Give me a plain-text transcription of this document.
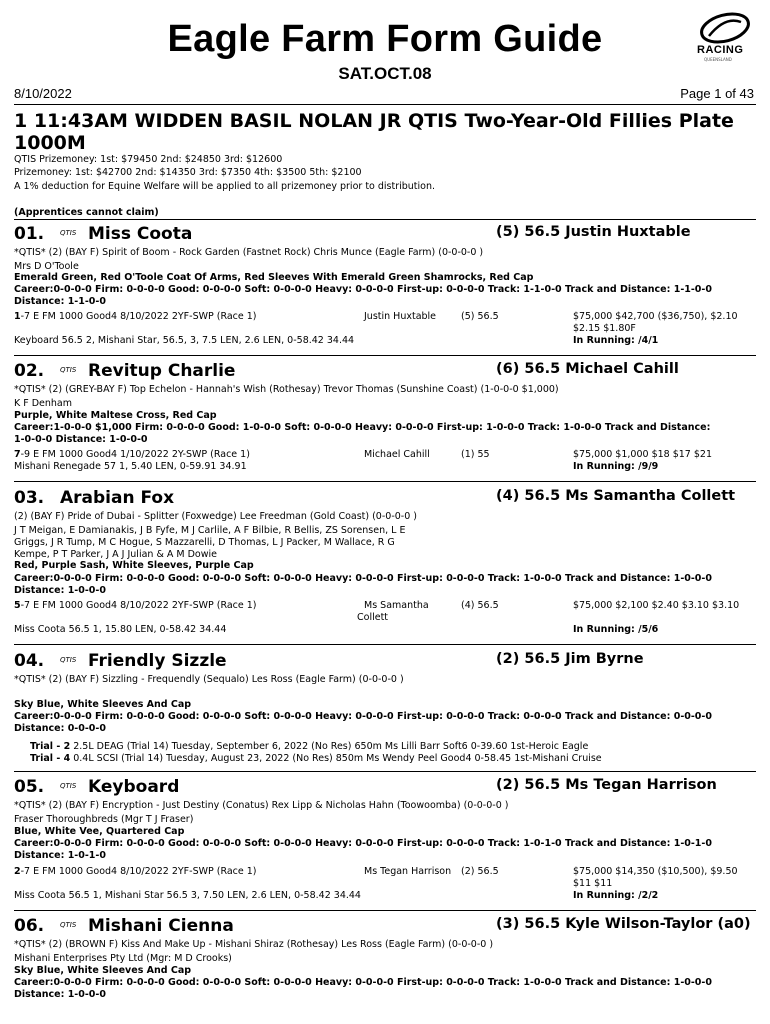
Eagle Farm Form Guide
SAT.OCT.08
RACING
QUEENSLAND
8/10/2022	Page 1 of 43
1 11:43AM WIDDEN BASIL NOLAN JR QTIS Two-Year-Old Fillies Plate 1000M
QTIS Prizemoney: 1st: $79450 2nd: $24850 3rd: $12600
Prizemoney: 1st: $42700 2nd: $14350 3rd: $7350 4th: $3500 5th: $2100
A 1% deduction for Equine Welfare will be applied to all prizemoney prior to distribution.
(Apprentices cannot claim)
01. QTIS Miss Coota	(5) 56.5 Justin Huxtable
*QTIS* (2) (BAY F) Spirit of Boom - Rock Garden (Fastnet Rock) Chris Munce (Eagle Farm) (0-0-0-0 )
Mrs D O'Toole
Emerald Green, Red O'Toole Coat Of Arms, Red Sleeves With Emerald Green Shamrocks, Red Cap
Career:0-0-0-0 Firm: 0-0-0-0 Good: 0-0-0-0 Soft: 0-0-0-0 Heavy: 0-0-0-0 First-up: 0-0-0-0 Track: 1-1-0-0 Track and Distance: 1-1-0-0
Distance: 1-1-0-0
1-7 E FM 1000 Good4 8/10/2022 2YF-SWP (Race 1)	Justin Huxtable	(5) 56.5	$75,000 $42,700 ($36,750), $2.10
$2.15 $1.80F
Keyboard 56.5 2, Mishani Star, 56.5, 3, 7.5 LEN, 2.6 LEN, 0-58.42 34.44	In Running: /4/1
02. QTIS Revitup Charlie	(6) 56.5 Michael Cahill
*QTIS* (2) (GREY-BAY F) Top Echelon - Hannah's Wish (Rothesay) Trevor Thomas (Sunshine Coast) (1-0-0-0 $1,000)
K F Denham
Purple, White Maltese Cross, Red Cap
Career:1-0-0-0 $1,000 Firm: 0-0-0-0 Good: 1-0-0-0 Soft: 0-0-0-0 Heavy: 0-0-0-0 First-up: 1-0-0-0 Track: 1-0-0-0 Track and Distance:
1-0-0-0 Distance: 1-0-0-0
7-9 E FM 1000 Good4 1/10/2022 2Y-SWP (Race 1)	Michael Cahill	(1) 55	$75,000 $1,000 $18 $17 $21
Mishani Renegade 57 1, 5.40 LEN, 0-59.91 34.91	In Running: /9/9
03. Arabian Fox	(4) 56.5 Ms Samantha Collett
(2) (BAY F) Pride of Dubai - Splitter (Foxwedge) Lee Freedman (Gold Coast) (0-0-0-0 )
J T Meigan, E Damianakis, J B Fyfe, M J Carlile, A F Bilbie, R Bellis, ZS Sorensen, L E
Griggs, J R Tump, M C Hogue, S Mazzarelli, D Thomas, L J Packer, M Wallace, R G
Kempe, P T Parker, J A J Julian & A M Dowie
Red, Purple Sash, White Sleeves, Purple Cap
Career:0-0-0-0 Firm: 0-0-0-0 Good: 0-0-0-0 Soft: 0-0-0-0 Heavy: 0-0-0-0 First-up: 0-0-0-0 Track: 1-0-0-0 Track and Distance: 1-0-0-0
Distance: 1-0-0-0
5-7 E FM 1000 Good4 8/10/2022 2YF-SWP (Race 1)	Ms Samantha
Collett
(4) 56.5	$75,000 $2,100 $2.40 $3.10 $3.10
Miss Coota 56.5 1, 15.80 LEN, 0-58.42 34.44	In Running: /5/6
04. QTIS Friendly Sizzle	(2) 56.5 Jim Byrne
*QTIS* (2) (BAY F) Sizzling - Frequendly (Sequalo) Les Ross (Eagle Farm) (0-0-0-0 )
Sky Blue, White Sleeves And Cap
Career:0-0-0-0 Firm: 0-0-0-0 Good: 0-0-0-0 Soft: 0-0-0-0 Heavy: 0-0-0-0 First-up: 0-0-0-0 Track: 0-0-0-0 Track and Distance: 0-0-0-0
Distance: 0-0-0-0
Trial - 2 2.5L DEAG (Trial 14) Tuesday, September 6, 2022 (No Res) 650m Ms Lilli Barr Soft6 0-39.60 1st-Heroic Eagle
Trial - 4 0.4L SCSI (Trial 14) Tuesday, August 23, 2022 (No Res) 850m Ms Wendy Peel Good4 0-58.45 1st-Mishani Cruise
05. QTIS Keyboard	(2) 56.5 Ms Tegan Harrison
*QTIS* (2) (BAY F) Encryption - Just Destiny (Conatus) Rex Lipp & Nicholas Hahn (Toowoomba) (0-0-0-0 )
Fraser Thoroughbreds (Mgr T J Fraser)
Blue, White Vee, Quartered Cap
Career:0-0-0-0 Firm: 0-0-0-0 Good: 0-0-0-0 Soft: 0-0-0-0 Heavy: 0-0-0-0 First-up: 0-0-0-0 Track: 1-0-1-0 Track and Distance: 1-0-1-0
Distance: 1-0-1-0
2-7 E FM 1000 Good4 8/10/2022 2YF-SWP (Race 1)	Ms Tegan Harrison (2) 56.5	$75,000 $14,350 ($10,500), $9.50
$11 $11
Miss Coota 56.5 1, Mishani Star 56.5 3, 7.50 LEN, 2.6 LEN, 0-58.42 34.44	In Running: /2/2
06. QTIS Mishani Cienna	(3) 56.5 Kyle Wilson-Taylor (a0)
*QTIS* (2) (BROWN F) Kiss And Make Up - Mishani Shiraz (Rothesay) Les Ross (Eagle Farm) (0-0-0-0 )
Mishani Enterprises Pty Ltd (Mgr: M D Crooks)
Sky Blue, White Sleeves And Cap
Career:0-0-0-0 Firm: 0-0-0-0 Good: 0-0-0-0 Soft: 0-0-0-0 Heavy: 0-0-0-0 First-up: 0-0-0-0 Track: 1-0-0-0 Track and Distance: 1-0-0-0
Distance: 1-0-0-0
